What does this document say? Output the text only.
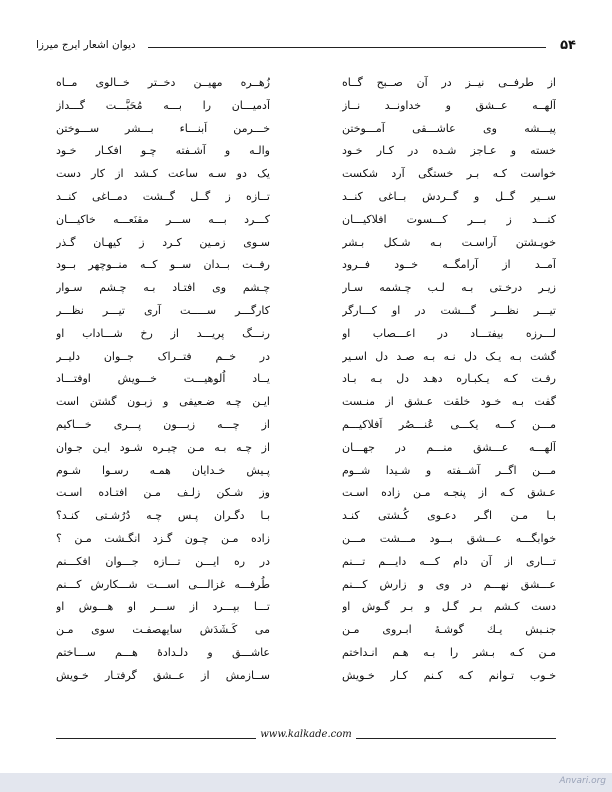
۵۴
دیوان اشعار ایرج میرزا
از طرفــی نیــز در آن صــبح گــاه
زُهــره مهیــن دخــتر خــالوی مــاه
آلهــه عــشق و خداونــد نــاز
آدمیـــان را بـــه مُحَبَّـــت گـــداز
پیـــشه وی عاشـــقی آمـــوختن
خـــرمن اَبنـــاء بـــشر ســـوختن
خسته و عـاجز شـده در کـار خـود
والـه و آشـفته چـو افكـار خـود
خواست کـه بـر خستگی آرد شكست
یک دو سـه ساعت کـشد از کار دست
ســیر گــل و گــردش بــاغی کنــد
تــازه ز گــل گــشت دمــاغی کنــد
کنـــد ز بـــر کـــسوت افلاکیـــان
کـــرد بـــه ســـر مقنَعـــه خاکیـــان
خویـشتن آراسـت بـه شـكل بـشر
سـوی زمـین کـرد ز کیهـان گـذر
آمــد از آرامگــه خــود فــرود
رفــت بــدان ســو کــه منــوچهر بــود
زیـر درخـتی بـه لـب چـشمه سـار
چـشم وی افتـاد بـه چـشم سـوار
تیـــر نظـــر گـــشت در او کـــارگر
کارگـــر ســـــت آری تیـــر نظـــر
لـــرزه بیفتـــاد در اعـــصاب او
رنـــگ پریـــد از رخ شـــاداب او
گشت بـه یـک دل نـه بـه صـد دل اسـیر
در خــم فتــراک جــوان دلیــر
رفـت کـه یـکبـاره دهـد دل بـه بـاد
یــاد اُلوهیـــت خـــویش اوفتـــاد
گفت بـه خـود خلقت عـشق از منـست
ایـن چـه ضـعیفی و زبـون گشتن است
مـــن کـــه یكـــی عُنـــصُر اَفلاکیـــم
از چـــه زبـــون پـــری خـــاکیم
آلهـــه عـــشق منـــم در جهـــان
از چـه بـه مـن چیـره شـود ایـن جـوان
مـــن اگــر آشــفته و شـیدا شــوم
پـیش خـدایان همـه رسـوا شـوم
عـشق کـه از پنجـه مـن زاده اسـت
وز شـكن زلـف مـن افتـاده اسـت
بـا مـن اگـر دعـوی کُـشتی کنـد
بـا دگـران پـس چـه دُرُشـتی کنـد؟
خوابگـــه عـــشق بـــود مـــشت مـــن
زاده مـن چـون گـزد انگـشت مـن ؟
تـــاری از آن دام کـــه دایـــم تـــنم
در ره ایـــن تـــازه جـــوان افكـــنم
عـــشق نهـــم در وی و زارش کـــنم
طُرفـــه غزالـــی اســـت شـــكارش کـــنم
دست کـشم بـر گـل و بـر گـوش او
تـــا بپـــرد از ســـر او هـــوش او
جنـبش یـك گوشـهٔ ابـروی مـن
می کَـشَدَش سایهصفـت سوی مـن
مـن کـه بـشر را بـه هـم انـداختم
عاشـــق و دلـدادهٔ هـــم ســـاختم
خـوب تـوانم کـه کـنم کـار خـویش
ســازمش از عــشق گرفتـار خـویش
www.kalkade.com
Anvari.org
